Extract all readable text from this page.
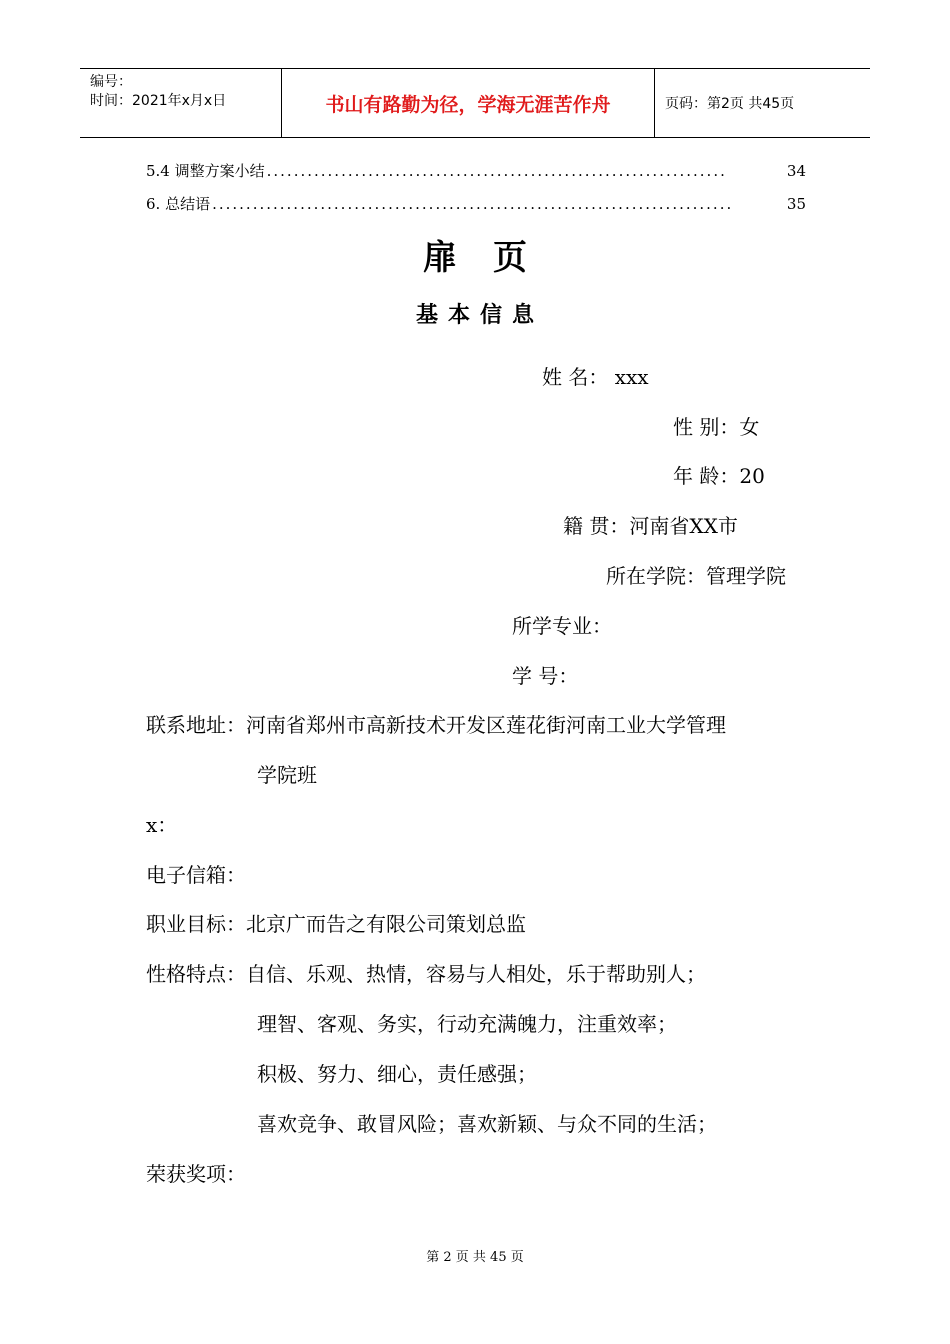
编号：
时间：2021年x月x日	书山有路勤为径，学海无涯苦作舟	页码：第2页 共45页
5.4 调整方案小结 ....................................................................	34
6. 总结语 .............................................................................	35
扉页
基本信息
姓 名： xxx
性 别：女
年 龄：20
籍 贯：河南省XX市
所在学院：管理学院
所学专业：
学 号：
联系地址：河南省郑州市高新技术开发区莲花街河南工业大学管理
学院班
x：
电子信箱：
职业目标：北京广而告之有限公司策划总监
性格特点：自信、乐观、热情，容易与人相处，乐于帮助别人；
理智、客观、务实，行动充满魄力，注重效率；
积极、努力、细心，责任感强；
喜欢竞争、敢冒风险；喜欢新颖、与众不同的生活；
荣获奖项：
第 2 页 共 45 页
